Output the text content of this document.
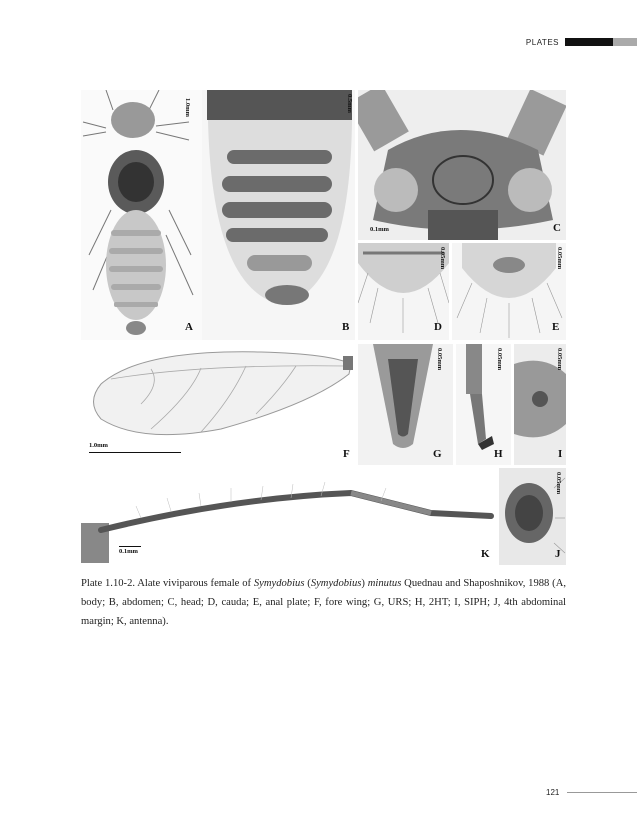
PLATES
1.0mm
A
0.5mm
B
0.1mm	C
0.05mm
D
0.05mm
E
1.0mm
F
0.05mm
G
0.05mm
H
0.05mm
I
0.1mm	K
0.05mm
J
Plate 1.10-2. Alate viviparous female of Symydobius (Symydobius) minutus Quednau and Shaposhnikov, 1988 (A, body; B, abdomen; C, head; D, cauda; E, anal plate; F, fore wing; G, URS; H, 2HT; I, SIPH; J, 4th abdominal margin; K, antenna).
121
